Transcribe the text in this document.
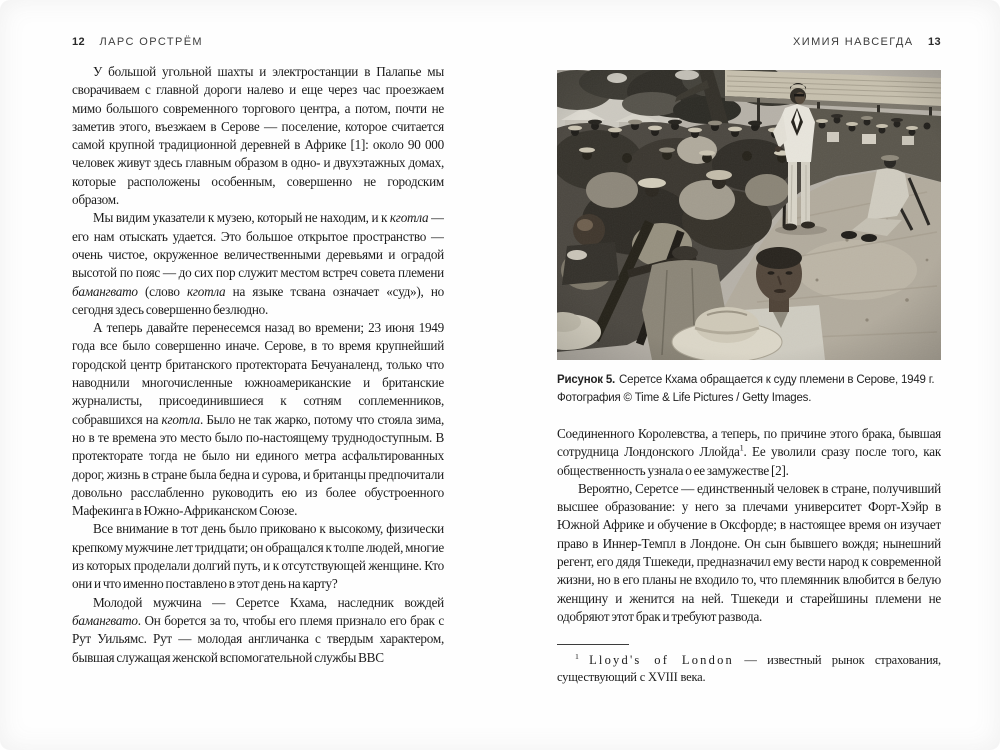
12 ЛАРС ОРСТРЁМ	ХИМИЯ НАВСЕГДА 13

У большой угольной шахты и электростанции в Палапье мы сворачиваем с главной дороги налево и еще через час проезжаем мимо большого современного торгового центра, а потом, почти не заметив этого, въезжаем в Серове — поселение, которое считается самой крупной традиционной деревней в Африке [1]: около 90 000 человек живут здесь главным образом в одно- и двухэтажных домах, которые расположены особенным, совершенно не городским образом.

Мы видим указатели к музею, который не находим, и к кготла — его нам отыскать удается. Это большое открытое пространство — очень чистое, окруженное величественными деревьями и оградой высотой по пояс — до сих пор служит местом встреч совета племени бамангвато (слово кготла на языке тсвана означает «суд»), но сегодня здесь совершенно безлюдно.

А теперь давайте перенесемся назад во времени; 23 июня 1949 года все было совершенно иначе. Серове, в то время крупнейший городской центр британского протектората Бечуаналенд, только что наводнили многочисленные южноамериканские и британские журналисты, присоединившиеся к сотням соплеменников, собравшихся на кготла. Было не так жарко, потому что стояла зима, но в те времена это место было по-настоящему труднодоступным. В протекторате тогда не было ни единого метра асфальтированных дорог, жизнь в стране была бедна и сурова, и британцы предпочитали довольно расслабленно руководить ею из более обустроенного Мафекинга в Южно-Африканском Союзе.

Все внимание в тот день было приковано к высокому, физически крепкому мужчине лет тридцати; он обращался к толпе людей, многие из которых проделали долгий путь, и к отсутствующей женщине. Кто они и что именно поставлено в этот день на карту?

Молодой мужчина — Серетсе Кхама, наследник вождей бамангвато. Он борется за то, чтобы его племя признало его брак с Рут Уильямс. Рут — молодая англичанка с твердым характером, бывшая служащая женской вспомогательной службы ВВС

Рисунок 5. Серетсе Кхама обращается к суду племени в Серове, 1949 г. Фотография © Time & Life Pictures / Getty Images.

Соединенного Королевства, а теперь, по причине этого брака, бывшая сотрудница Лондонского Ллойда$^1$. Ее уволили сразу после того, как общественность узнала о ее замужестве [2].

Вероятно, Серетсе — единственный человек в стране, получивший высшее образование: у него за плечами университет Форт-Хэйр в Южной Африке и обучение в Оксфорде; в настоящее время он изучает право в Иннер-Темпл в Лондоне. Он сын бывшего вождя; нынешний регент, его дядя Тшекеди, предназначил ему вести народ к современной жизни, но в его планы не входило то, что племянник влюбится в белую женщину и женится на ней. Тшекеди и старейшины племени не одобряют этот брак и требуют развода.

$^1$ Lloyd's of London — известный рынок страхования, существующий с XVIII века.
